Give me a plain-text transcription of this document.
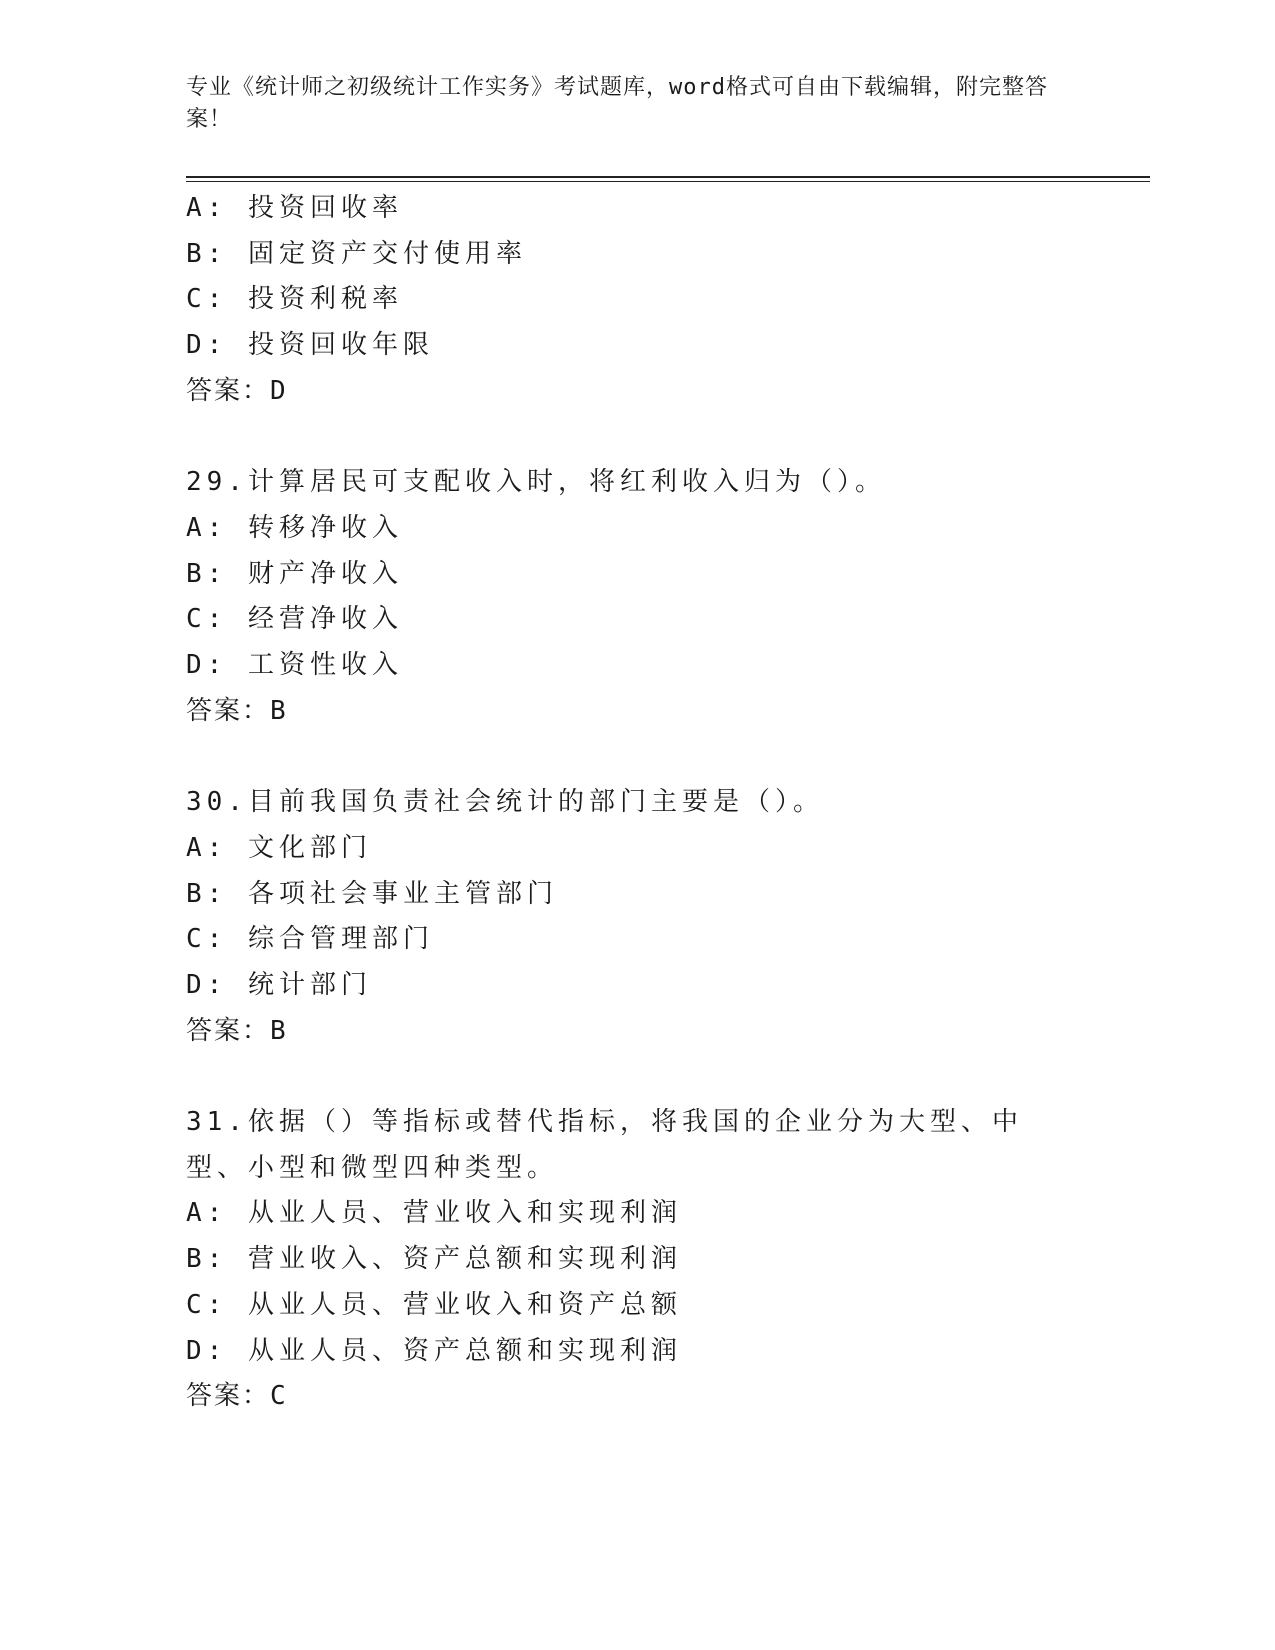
专业《统计师之初级统计工作实务》考试题库，word格式可自由下载编辑，附完整答案！
A: 投资回收率
B: 固定资产交付使用率
C: 投资利税率
D: 投资回收年限
答案：D
29.计算居民可支配收入时，将红利收入归为（）。
A: 转移净收入
B: 财产净收入
C: 经营净收入
D: 工资性收入
答案：B
30.目前我国负责社会统计的部门主要是（）。
A: 文化部门
B: 各项社会事业主管部门
C: 综合管理部门
D: 统计部门
答案：B
31.依据（）等指标或替代指标，将我国的企业分为大型、中型、小型和微型四种类型。
A: 从业人员、营业收入和实现利润
B: 营业收入、资产总额和实现利润
C: 从业人员、营业收入和资产总额
D: 从业人员、资产总额和实现利润
答案：C
